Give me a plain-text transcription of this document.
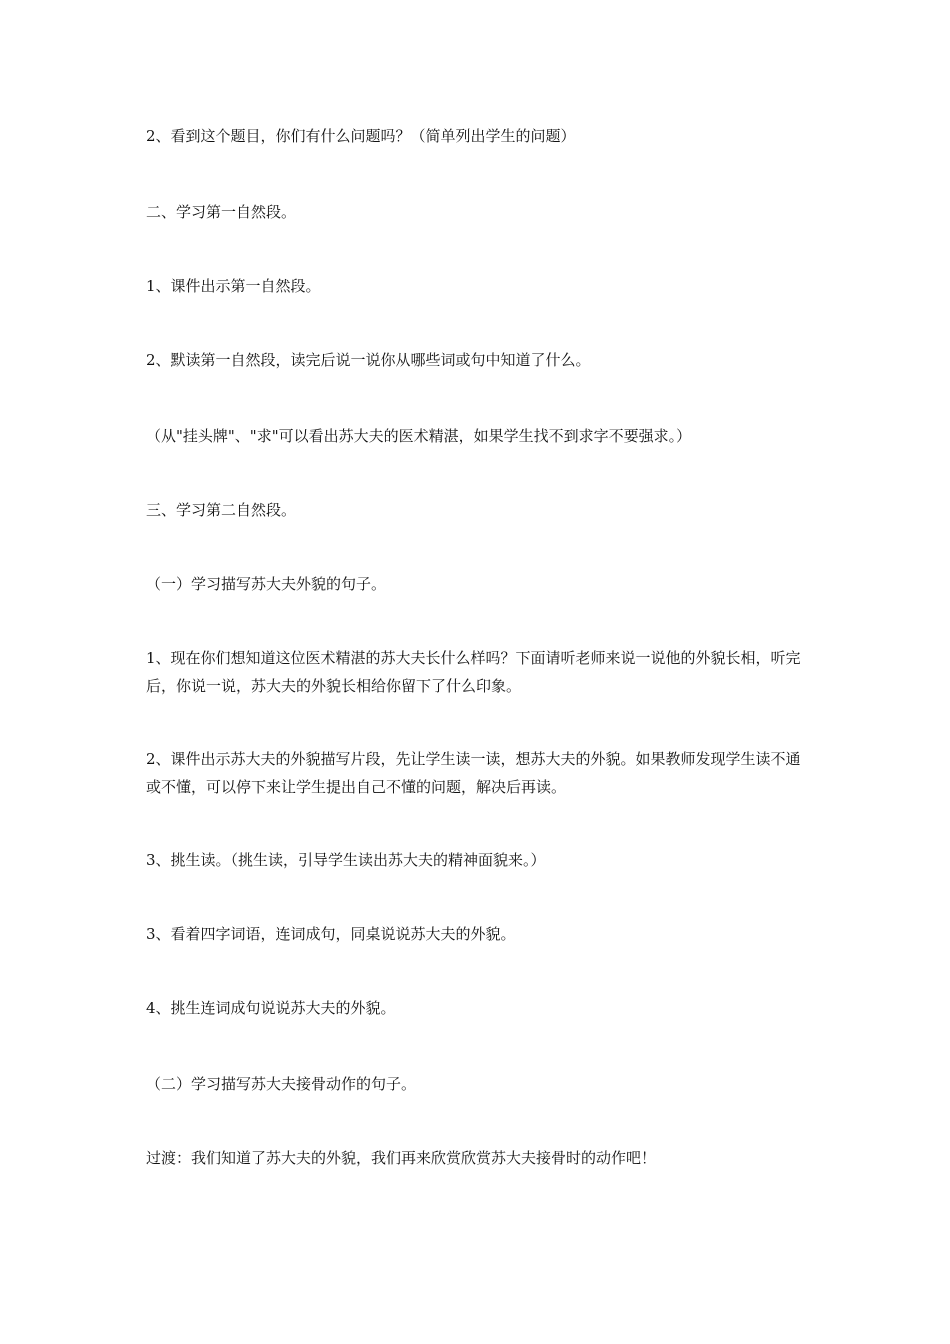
2、看到这个题目，你们有什么问题吗？（简单列出学生的问题）

二、学习第一自然段。

1、课件出示第一自然段。

2、默读第一自然段，读完后说一说你从哪些词或句中知道了什么。

（从"挂头牌"、"求"可以看出苏大夫的医术精湛，如果学生找不到求字不要强求。）

三、学习第二自然段。

（一）学习描写苏大夫外貌的句子。

1、现在你们想知道这位医术精湛的苏大夫长什么样吗？下面请听老师来说一说他的外貌长相，听完后，你说一说，苏大夫的外貌长相给你留下了什么印象。

2、课件出示苏大夫的外貌描写片段，先让学生读一读，想苏大夫的外貌。如果教师发现学生读不通或不懂，可以停下来让学生提出自己不懂的问题，解决后再读。

3、挑生读。（挑生读，引导学生读出苏大夫的精神面貌来。）

3、看着四字词语，连词成句，同桌说说苏大夫的外貌。

4、挑生连词成句说说苏大夫的外貌。

（二）学习描写苏大夫接骨动作的句子。

过渡：我们知道了苏大夫的外貌，我们再来欣赏欣赏苏大夫接骨时的动作吧！
